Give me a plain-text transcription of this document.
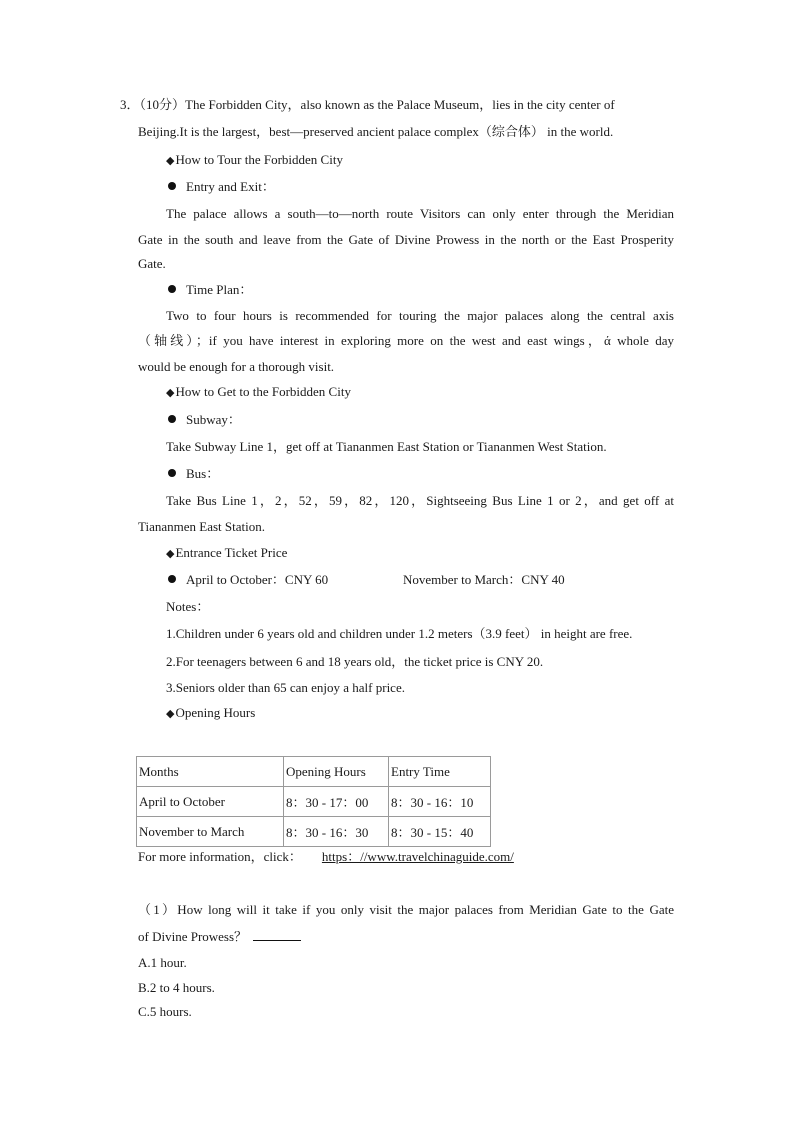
3．（10分）The Forbidden City，also known as the Palace Museum，lies in the city center of
Beijing.It is the largest，best—preserved ancient palace complex（综合体） in the world.
◆How to Tour the Forbidden City
Entry and Exit：
The palace allows a south—to—north route Visitors can only enter through the Meridian
Gate in the south and leave from the Gate of Divine Prowess in the north or the East Prosperity
Gate.
Time Plan：
Two to four hours is recommended for touring the major palaces along the central axis
（轴线）；if you have interest in exploring more on the west and east wings，ά whole day
would be enough for a thorough visit.
◆How to Get to the Forbidden City
Subway：
Take Subway Line 1，get off at Tiananmen East Station or Tiananmen West Station.
Bus：
Take Bus Line 1，2，52，59，82，120，Sightseeing Bus Line 1 or 2，and get off at
Tiananmen East Station.
◆Entrance Ticket Price
April to October：CNY 60	November to March：CNY 40
Notes：
1.Children under 6 years old and children under 1.2 meters（3.9 feet） in height are free.
2.For teenagers between 6 and 18 years old，the ticket price is CNY 20.
3.Seniors older than 65 can enjoy a half price.
◆Opening Hours
Months	Opening Hours	Entry Time
April to October	8：30 - 17：00	8：30 - 16：10
November to March	8：30 - 16：30	8：30 - 15：40
For more information，click： https：//www.travelchinaguide.com/
（1）How long will it take if you only visit the major palaces from Meridian Gate to the Gate
of Divine Prowess？
A.1 hour.
B.2 to 4 hours.
C.5 hours.
